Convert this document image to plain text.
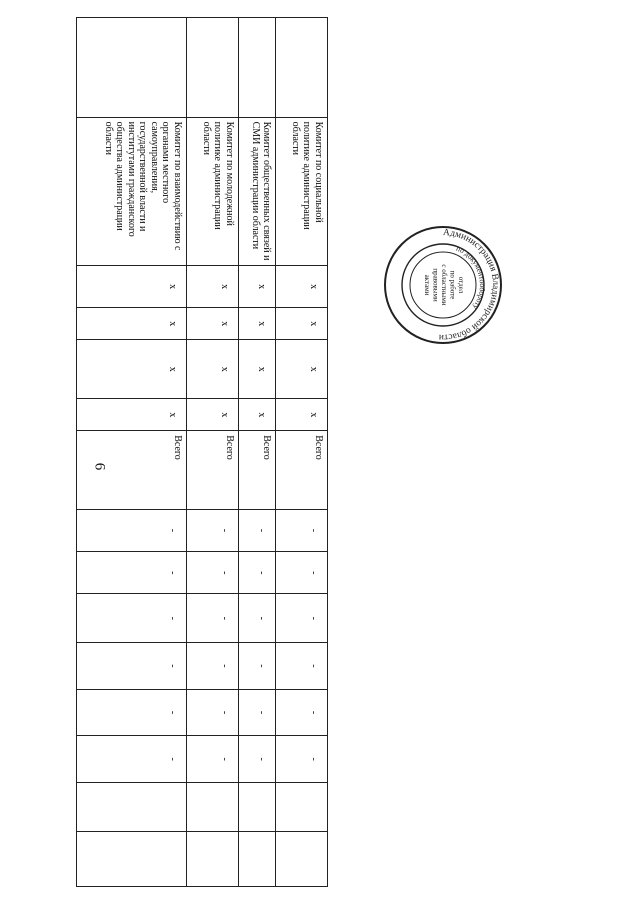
6
	Комитет по социальной политике администрации области	x	x	x	x	Всего	-	-	-	-	-	-		
	Комитет общественных связей и СМИ администрации области	x	x	x	x	Всего	-	-	-	-	-	-		
	Комитет по молодежной политике администрации области	x	x	x	x	Всего	-	-	-	-	-	-		
	Комитет по взаимодействию с органами местного самоуправления, государственной власти и институтами гражданского общества администрации области	x	x	x	x	Всего	-	-	-	-	-	-		
Администрация Владимирской области
по документообороту
отдел
по работе
с областными
правовыми
актами
